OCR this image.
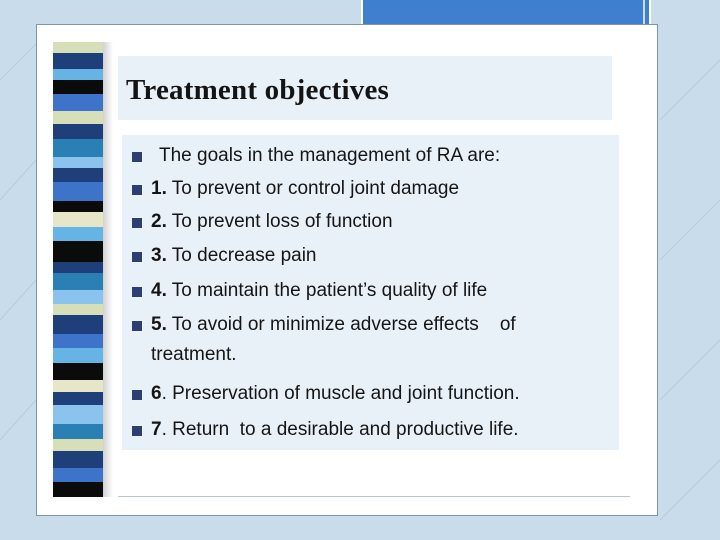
Treatment objectives
The goals in the management of RA are:
1. To prevent or control joint damage
2. To prevent loss of function
3. To decrease pain
4. To maintain the patient’s quality of life
5. To avoid or minimize adverse effects    of
treatment.
6. Preservation of muscle and joint function.
7. Return  to a desirable and productive life.
